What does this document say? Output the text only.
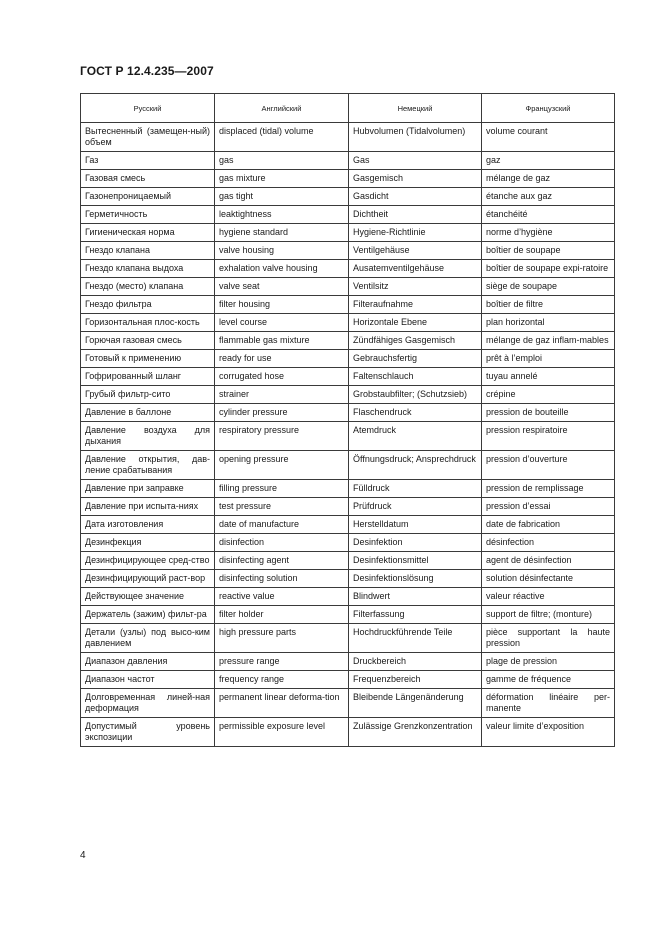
ГОСТ Р 12.4.235—2007
Русский	Английский	Немецкий	Французский
Вытесненный (замещен-ный) объем	displaced (tidal) volume	Hubvolumen (Tidalvolumen)	volume courant
Газ	gas	Gas	gaz
Газовая смесь	gas mixture	Gasgemisch	mélange de gaz
Газонепроницаемый	gas tight	Gasdicht	étanche aux gaz
Герметичность	leaktightness	Dichtheit	étanchéité
Гигиеническая норма	hygiene standard	Hygiene-Richtlinie	norme d’hygiène
Гнездо клапана	valve housing	Ventilgehäuse	boîtier de soupape
Гнездо клапана выдоха	exhalation valve housing	Ausatemventilgehäuse	boîtier de soupape expi-ratoire
Гнездо (место) клапана	valve seat	Ventilsitz	siège de soupape
Гнездо фильтра	filter housing	Filteraufnahme	boîtier de filtre
Горизонтальная плос-кость	level course	Horizontale Ebene	plan horizontal
Горючая газовая смесь	flammable gas mixture	Zündfähiges Gasgemisch	mélange de gaz inflam-mables
Готовый к применению	ready for use	Gebrauchsfertig	prêt à l’emploi
Гофрированный шланг	corrugated hose	Faltenschlauch	tuyau annelé
Грубый фильтр-сито	strainer	Grobstaubfilter; (Schutzsieb)	crépine
Давление в баллоне	cylinder pressure	Flaschendruck	pression de bouteille
Давление воздуха для дыхания	respiratory pressure	Atemdruck	pression respiratoire
Давление открытия, дав-ление срабатывания	opening pressure	Öffnungsdruck; Ansprechdruck	pression d’ouverture
Давление при заправке	filling pressure	Fülldruck	pression de remplissage
Давление при испыта-ниях	test pressure	Prüfdruck	pression d’essai
Дата изготовления	date of manufacture	Herstelldatum	date de fabrication
Дезинфекция	disinfection	Desinfektion	désinfection
Дезинфицирующее сред-ство	disinfecting agent	Desinfektionsmittel	agent de désinfection
Дезинфицирующий раст-вор	disinfecting solution	Desinfektionslösung	solution désinfectante
Действующее значение	reactive value	Blindwert	valeur réactive
Держатель (зажим) фильт-ра	filter holder	Filterfassung	support de filtre; (monture)
Детали (узлы) под высо-ким давлением	high pressure parts	Hochdruckführende Teile	pièce supportant la haute pression
Диапазон давления	pressure range	Druckbereich	plage de pression
Диапазон частот	frequency range	Frequenzbereich	gamme de fréquence
Долговременная линей-ная деформация	permanent linear deforma-tion	Bleibende Längenänderung	déformation linéaire per-manente
Допустимый уровень экспозиции	permissible exposure level	Zulässige Grenzkonzentration	valeur limite d’exposition
4
